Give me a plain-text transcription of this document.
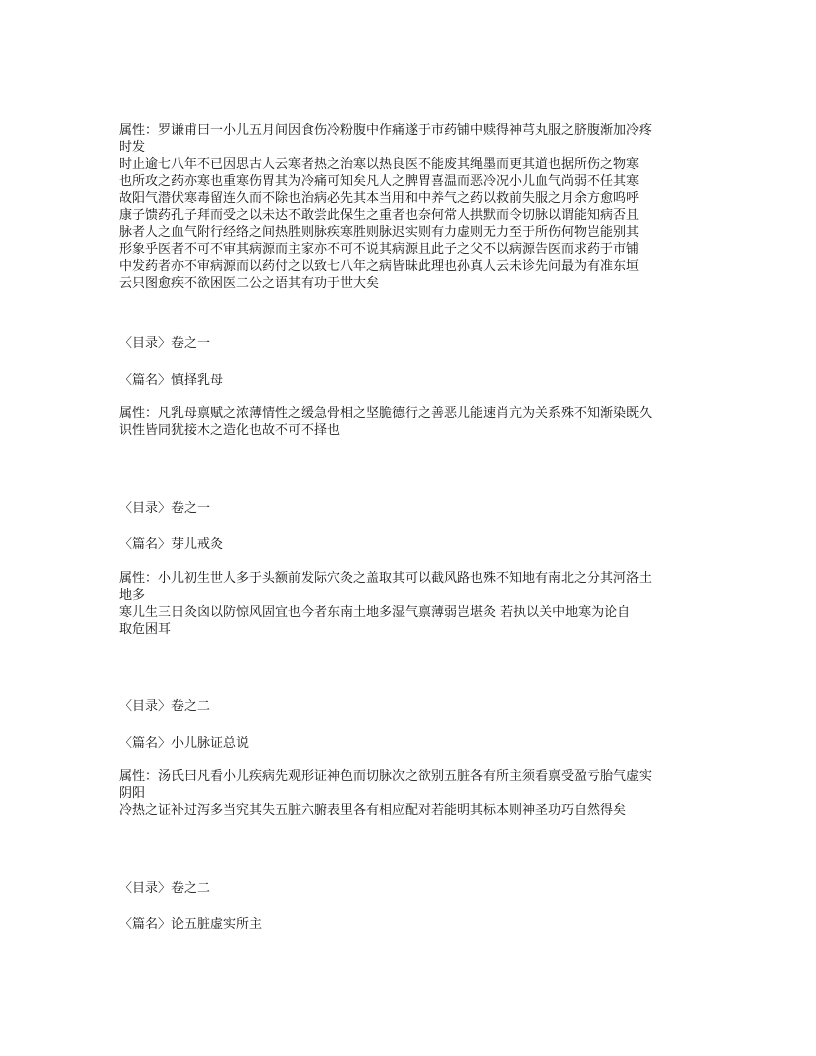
属性：罗谦甫曰一小儿五月间因食伤冷粉腹中作痛遂于市药铺中赎得神芎丸服之脐腹渐加冷疼
时发
时止逾七八年不已因思古人云寒者热之治寒以热良医不能废其绳墨而更其道也据所伤之物寒
也所攻之药亦寒也重寒伤胃其为冷痛可知矣凡人之脾胃喜温而恶冷况小儿血气尚弱不任其寒
故阳气潜伏寒毒留连久而不除也治病必先其本当用和中养气之药以救前失服之月余方愈呜呼
康子馈药孔子拜而受之以未达不敢尝此保生之重者也奈何常人拱默而令切脉以谓能知病否且
脉者人之血气附行经络之间热胜则脉疾寒胜则脉迟实则有力虚则无力至于所伤何物岂能别其
形象乎医者不可不审其病源而主家亦不可不说其病源且此子之父不以病源告医而求药于市铺
中发药者亦不审病源而以药付之以致七八年之病皆昧此理也孙真人云未诊先问最为有准东垣
云只图愈疾不欲困医二公之语其有功于世大矣
〈目录〉卷之一
〈篇名〉慎择乳母
属性：凡乳母禀赋之浓薄情性之缓急骨相之坚脆德行之善恶儿能速肖亢为关系殊不知渐染既久
识性皆同犹接木之造化也故不可不择也
〈目录〉卷之一
〈篇名〉芽儿戒灸
属性：小儿初生世人多于头额前发际穴灸之盖取其可以截风路也殊不知地有南北之分其河洛土
地多
寒儿生三日灸囟以防惊风固宜也今者东南土地多湿气禀薄弱岂堪灸 若执以关中地寒为论自
取危困耳
〈目录〉卷之二
〈篇名〉小儿脉证总说
属性：汤氏曰凡看小儿疾病先观形证神色而切脉次之欲别五脏各有所主须看禀受盈亏胎气虚实
阴阳
冷热之证补过泻多当究其失五脏六腑表里各有相应配对若能明其标本则神圣功巧自然得矣
〈目录〉卷之二
〈篇名〉论五脏虚实所主
